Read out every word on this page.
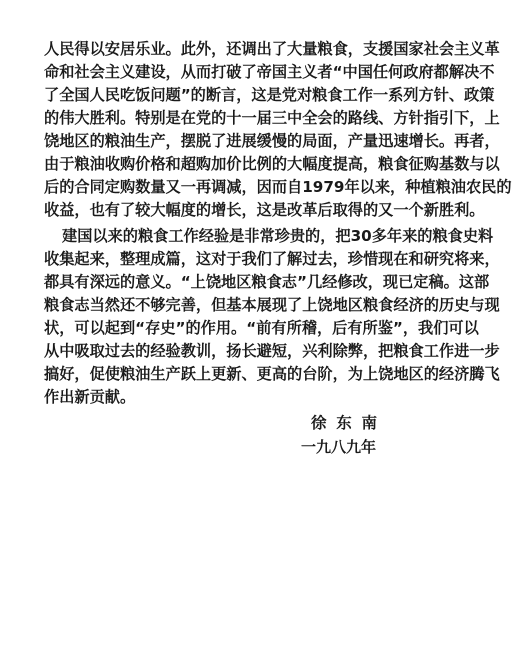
人民得以安居乐业。此外，还调出了大量粮食，支援国家社会主义革
命和社会主义建设，从而打破了帝国主义者“中国任何政府都解决不
了全国人民吃饭问题”的断言，这是党对粮食工作一系列方针、政策
的伟大胜利。特别是在党的十一届三中全会的路线、方针指引下，上
饶地区的粮油生产，摆脱了进展缓慢的局面，产量迅速增长。再者，
由于粮油收购价格和超购加价比例的大幅度提高，粮食征购基数与以
后的合同定购数量又一再调减，因而自1979年以来，种植粮油农民的
收益，也有了较大幅度的增长，这是改革后取得的又一个新胜利。
建国以来的粮食工作经验是非常珍贵的，把30多年来的粮食史料
收集起来，整理成篇，这对于我们了解过去，珍惜现在和研究将来，
都具有深远的意义。“上饶地区粮食志”几经修改，现已定稿。这部
粮食志当然还不够完善，但基本展现了上饶地区粮食经济的历史与现
状，可以起到“存史”的作用。“前有所稽，后有所鉴”，我们可以
从中吸取过去的经验教训，扬长避短，兴利除弊，把粮食工作进一步
搞好，促使粮油生产跃上更新、更高的台阶，为上饶地区的经济腾飞
作出新贡献。
徐 东 南
一九八九年
